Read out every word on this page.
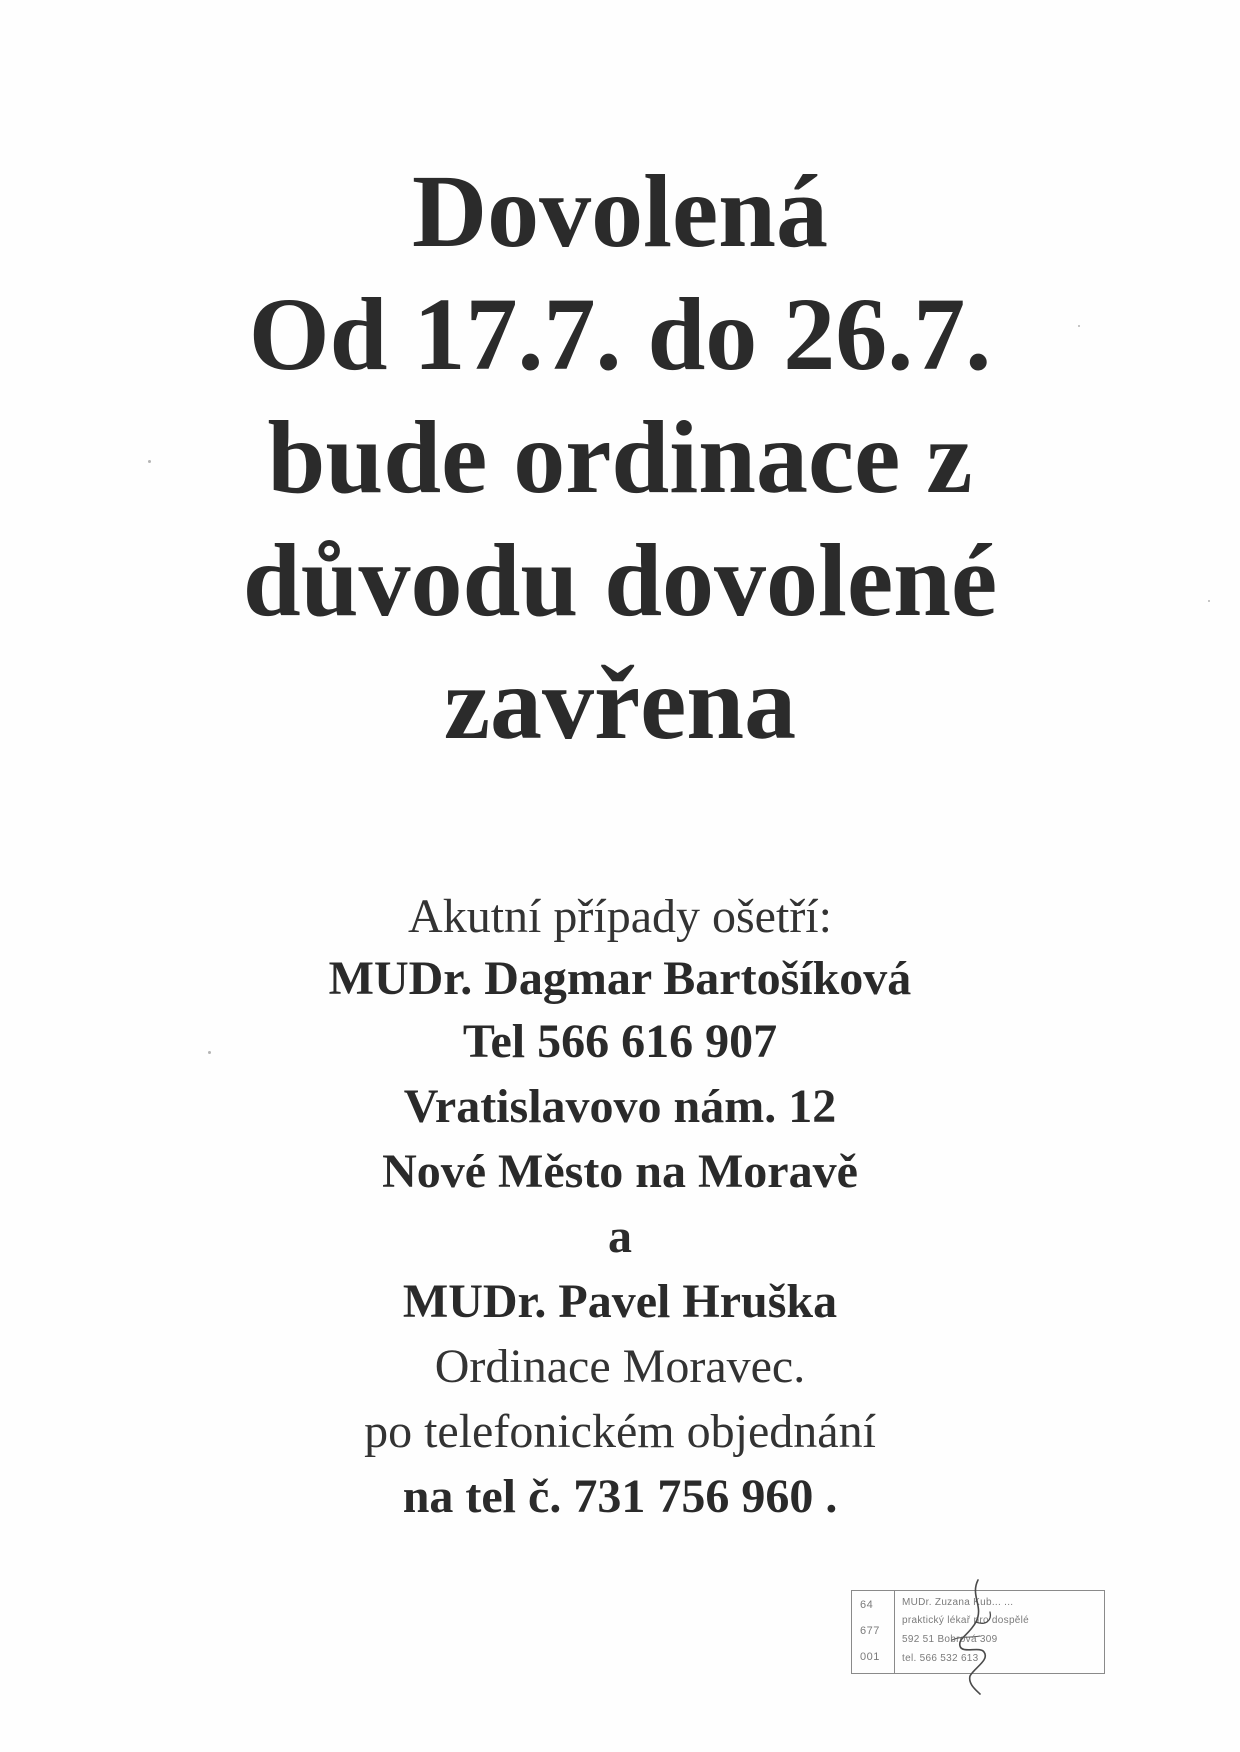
Dovolená
Od 17.7. do 26.7.
bude ordinace z
důvodu dovolené
zavřena
Akutní případy ošetří:
MUDr. Dagmar Bartošíková
Tel 566 616 907
Vratislavovo nám. 12
Nové Město na Moravě
a
MUDr. Pavel Hruška
Ordinace Moravec.
po telefonickém objednání
na tel č. 731 756 960 .
64
677
001
MUDr. Zuzana Kub... ...
praktický lékař pro dospělé
592 51 Bobrová 309
tel. 566 532 613
